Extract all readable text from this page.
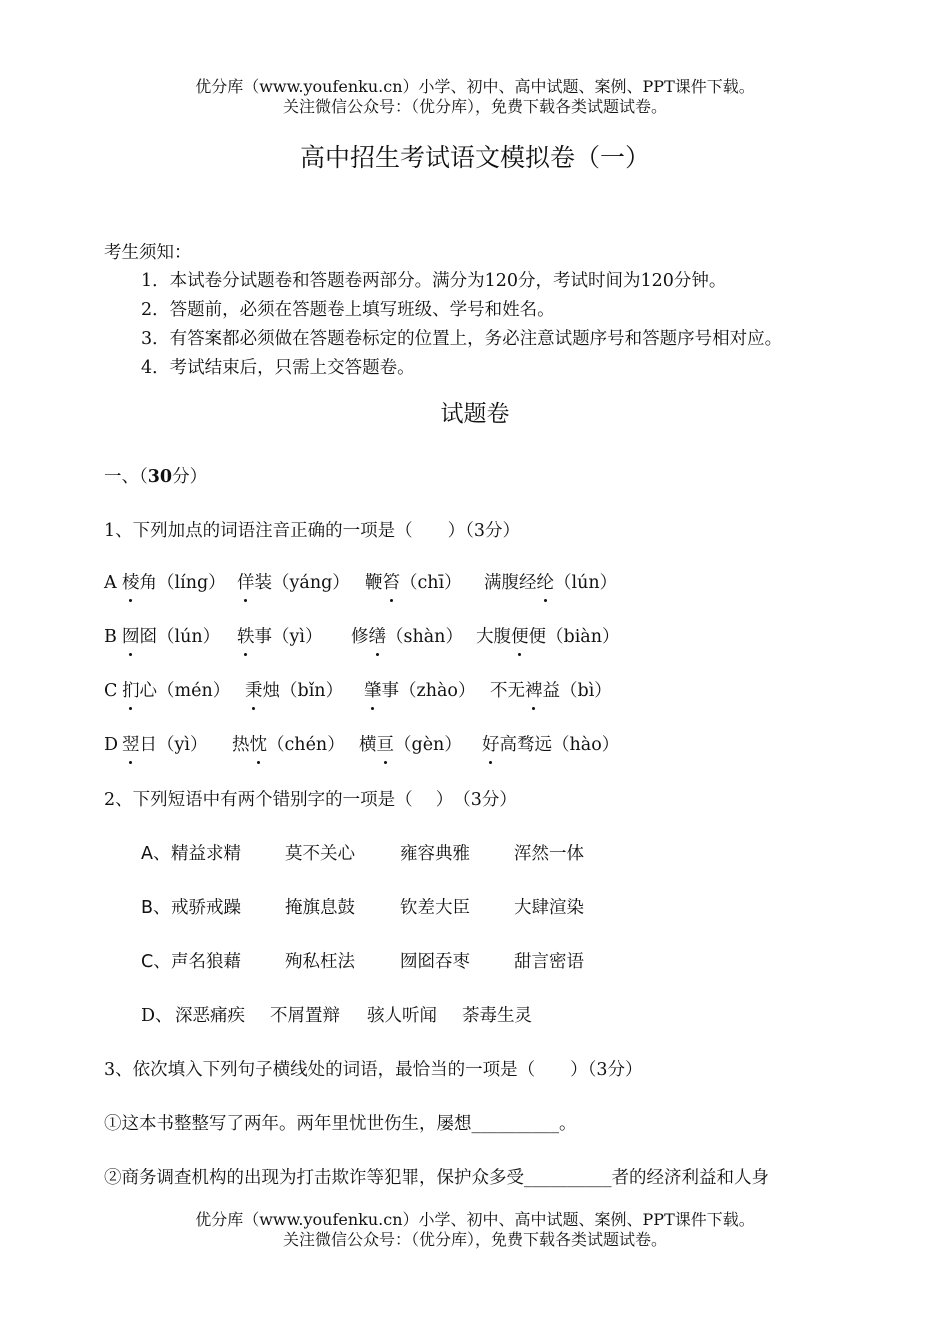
优分库（www.youfenku.cn）小学、初中、高中试题、案例、PPT课件下载。
关注微信公众号：（优分库），免费下载各类试题试卷。
高中招生考试语文模拟卷（一）
考生须知：
1．本试卷分试题卷和答题卷两部分。满分为120分，考试时间为120分钟。
2．答题前，必须在答题卷上填写班级、学号和姓名。
3．有答案都必须做在答题卷标定的位置上，务必注意试题序号和答题序号相对应。
4．考试结束后，只需上交答题卷。
试题卷
一、（30分）
1、下列加点的词语注音正确的一项是（　　）（3分）
A 棱角（líng） 佯装（yáng） 鞭笞（chī） 满腹经纶（lún）
B 囫囵（lún） 轶事（yì） 修缮（shàn） 大腹便便（biàn）
C 扪心（mén） 秉烛（bǐn） 肇事（zhào） 不无裨益（bì）
D 翌日（yì） 热忱（chén） 横亘（gèn） 好高骛远（hào）
2、下列短语中有两个错别字的一项是（　 ）　（3分）
A、 精益求精	莫不关心	雍容典雅	浑然一体
B、 戒骄戒躁	掩旗息鼓	钦差大臣	大肆渲染
C、 声名狼藉	殉私枉法	囫囵吞枣	甜言密语
D、 深恶痛疾 不屑置辩 骇人听闻 荼毒生灵
3、依次填入下列句子横线处的词语，最恰当的一项是（　　）（3分）
①这本书整整写了两年。两年里忧世伤生，屡想__________。
②商务调查机构的出现为打击欺诈等犯罪，保护众多受__________者的经济利益和人身
优分库（www.youfenku.cn）小学、初中、高中试题、案例、PPT课件下载。
关注微信公众号：（优分库），免费下载各类试题试卷。
